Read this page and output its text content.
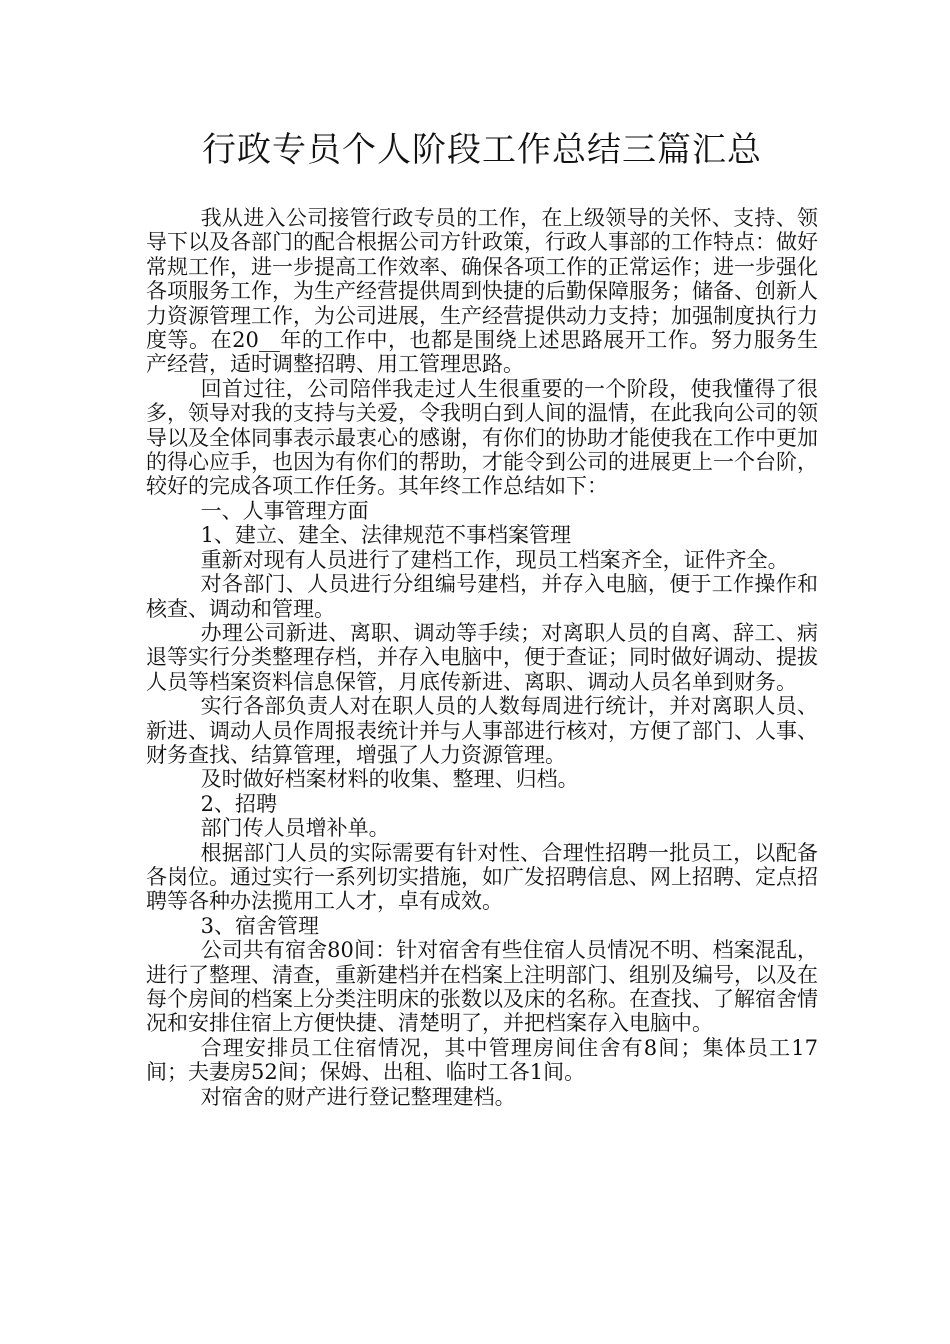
行政专员个人阶段工作总结三篇汇总

我从进入公司接管行政专员的工作，在上级领导的关怀、支持、领导下以及各部门的配合根据公司方针政策，行政人事部的工作特点：做好常规工作，进一步提高工作效率、确保各项工作的正常运作；进一步强化各项服务工作，为生产经营提供周到快捷的后勤保障服务；储备、创新人力资源管理工作，为公司进展，生产经营提供动力支持；加强制度执行力度等。在20__年的工作中，也都是围绕上述思路展开工作。努力服务生产经营，适时调整招聘、用工管理思路。

回首过往，公司陪伴我走过人生很重要的一个阶段，使我懂得了很多，领导对我的支持与关爱，令我明白到人间的温情，在此我向公司的领导以及全体同事表示最衷心的感谢，有你们的协助才能使我在工作中更加的得心应手，也因为有你们的帮助，才能令到公司的进展更上一个台阶，较好的完成各项工作任务。其年终工作总结如下：

一、人事管理方面

1、建立、建全、法律规范不事档案管理

重新对现有人员进行了建档工作，现员工档案齐全，证件齐全。

对各部门、人员进行分组编号建档，并存入电脑，便于工作操作和核查、调动和管理。

办理公司新进、离职、调动等手续；对离职人员的自离、辞工、病退等实行分类整理存档，并存入电脑中，便于查证；同时做好调动、提拔人员等档案资料信息保管，月底传新进、离职、调动人员名单到财务。

实行各部负责人对在职人员的人数每周进行统计，并对离职人员、新进、调动人员作周报表统计并与人事部进行核对，方便了部门、人事、财务查找、结算管理，增强了人力资源管理。

及时做好档案材料的收集、整理、归档。

2、招聘

部门传人员增补单。

根据部门人员的实际需要有针对性、合理性招聘一批员工，以配备各岗位。通过实行一系列切实措施，如广发招聘信息、网上招聘、定点招聘等各种办法揽用工人才，卓有成效。

3、宿舍管理

公司共有宿舍80间：针对宿舍有些住宿人员情况不明、档案混乱，进行了整理、清查，重新建档并在档案上注明部门、组别及编号，以及在每个房间的档案上分类注明床的张数以及床的名称。在查找、了解宿舍情况和安排住宿上方便快捷、清楚明了，并把档案存入电脑中。

合理安排员工住宿情况，其中管理房间住舍有8间；集体员工17间；夫妻房52间；保姆、出租、临时工各1间。

对宿舍的财产进行登记整理建档。
